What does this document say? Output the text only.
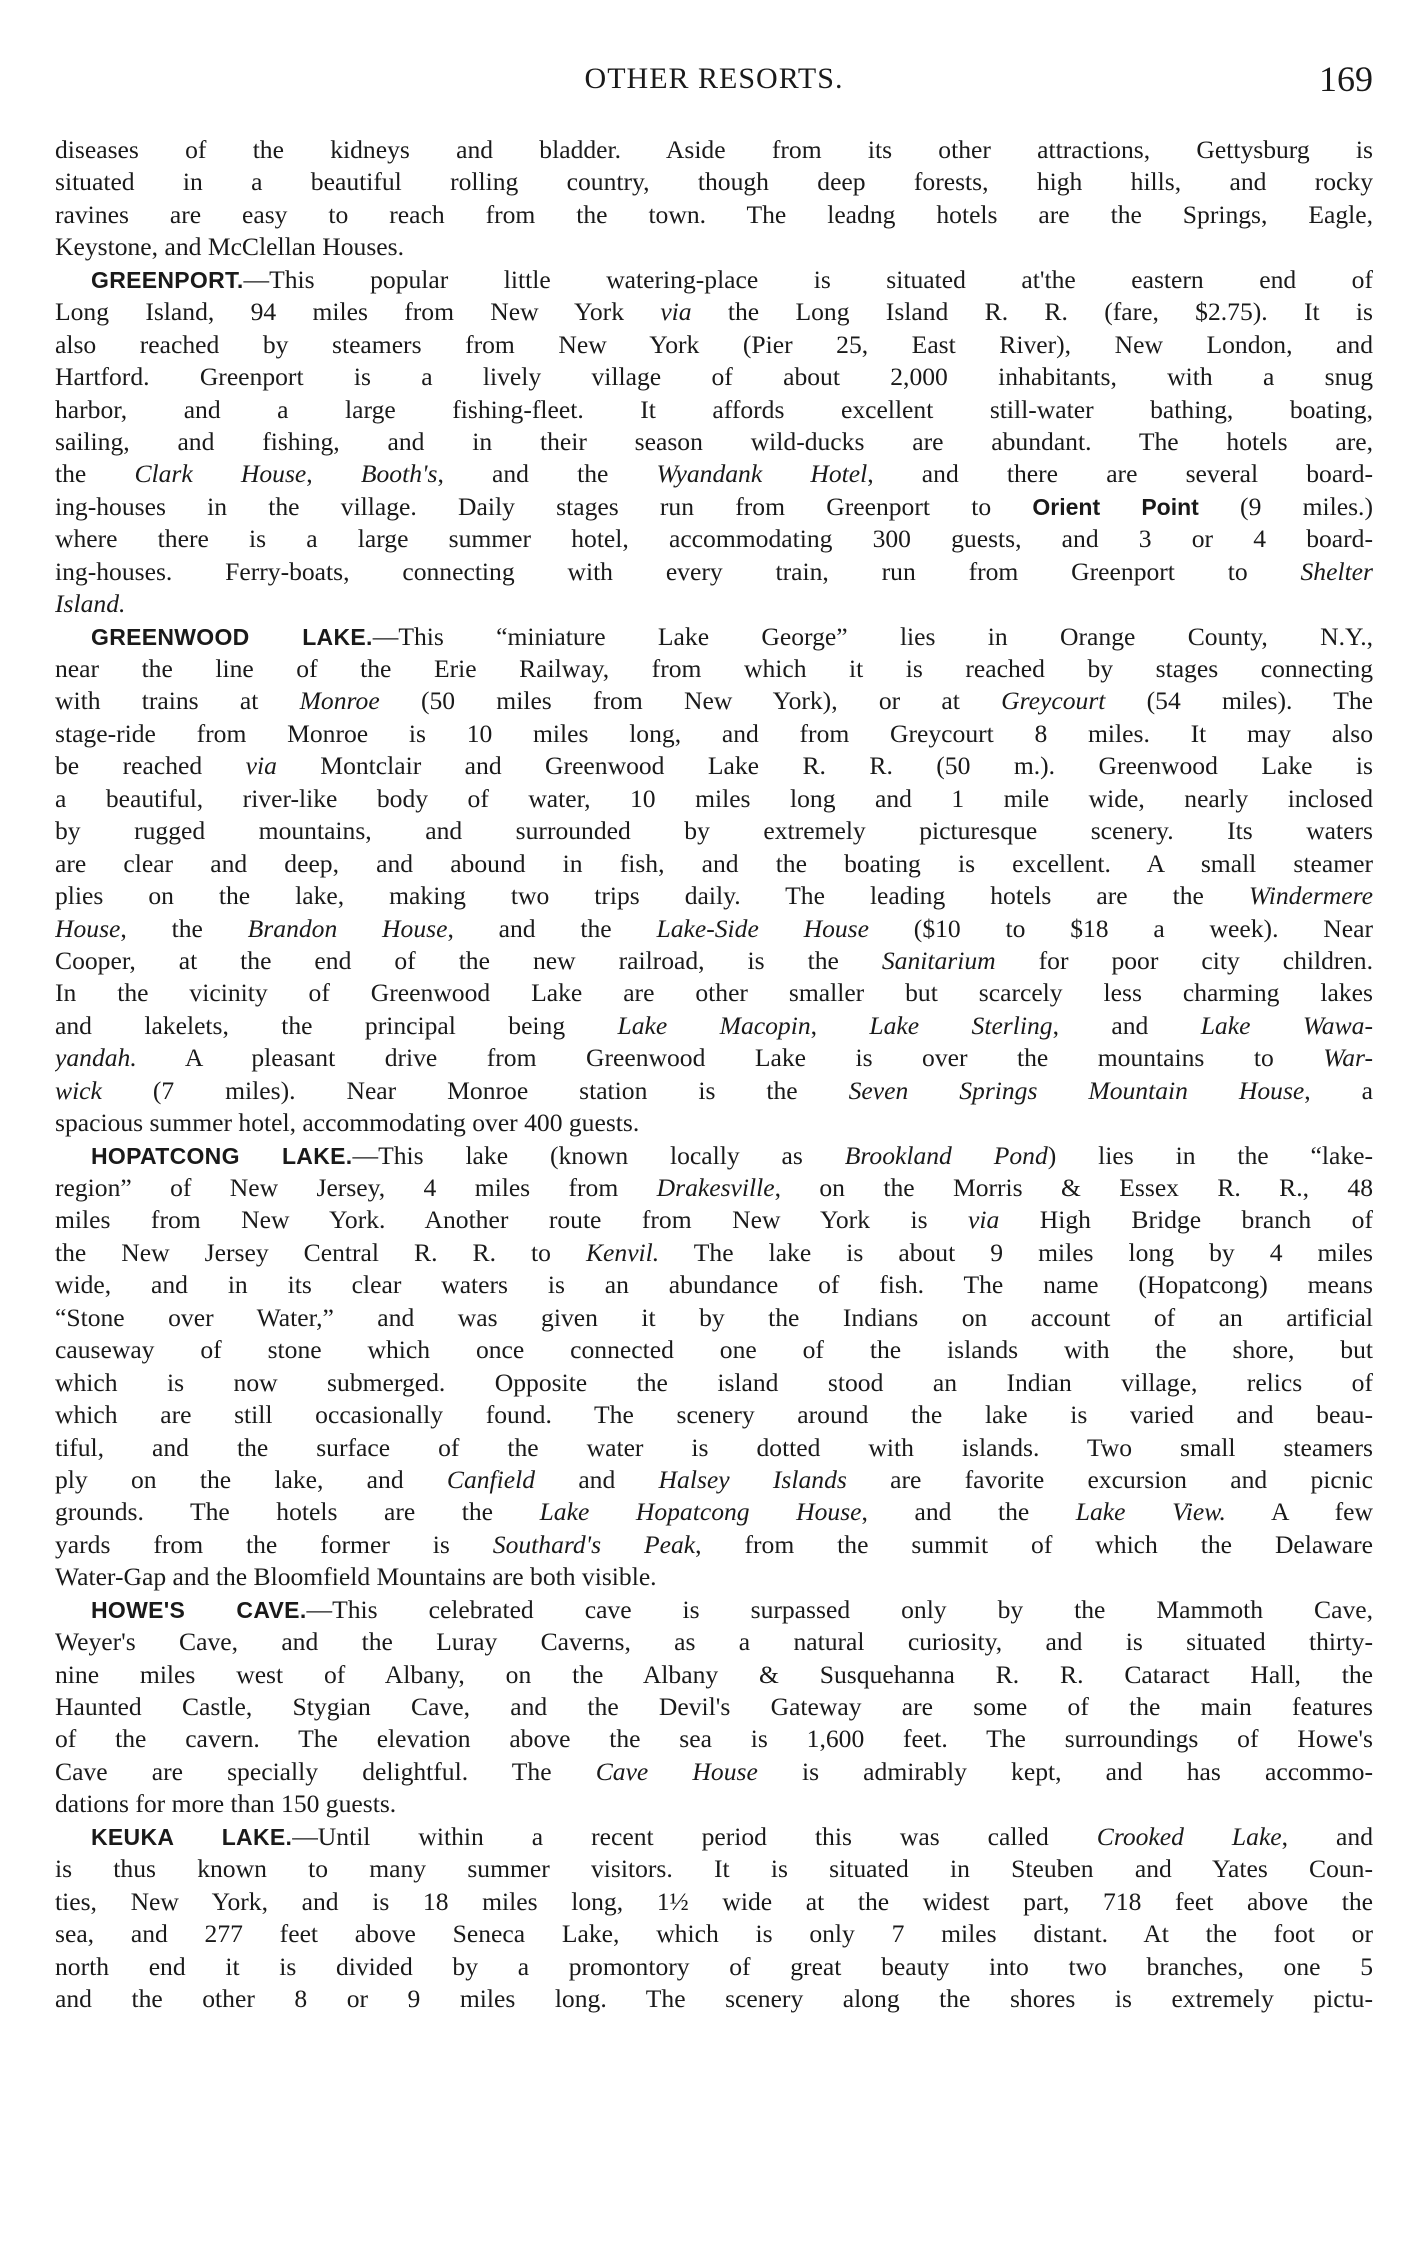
OTHER RESORTS.	169
diseases of the kidneys and bladder. Aside from its other attractions, Gettysburg is
situated in a beautiful rolling country, though deep forests, high hills, and rocky
ravines are easy to reach from the town. The leadng hotels are the Springs, Eagle,
Keystone, and McClellan Houses.
GREENPORT.—This popular little watering-place is situated at'the eastern end of
Long Island, 94 miles from New York via the Long Island R. R. (fare, $2.75). It is
also reached by steamers from New York (Pier 25, East River), New London, and
Hartford. Greenport is a lively village of about 2,000 inhabitants, with a snug
harbor, and a large fishing-fleet. It affords excellent still-water bathing, boating,
sailing, and fishing, and in their season wild-ducks are abundant. The hotels are,
the Clark House, Booth's, and the Wyandank Hotel, and there are several board-
ing-houses in the village. Daily stages run from Greenport to Orient Point (9 miles.)
where there is a large summer hotel, accommodating 300 guests, and 3 or 4 board-
ing-houses. Ferry-boats, connecting with every train, run from Greenport to Shelter
Island.
GREENWOOD LAKE.—This “miniature Lake George” lies in Orange County, N.Y.,
near the line of the Erie Railway, from which it is reached by stages connecting
with trains at Monroe (50 miles from New York), or at Greycourt (54 miles). The
stage-ride from Monroe is 10 miles long, and from Greycourt 8 miles. It may also
be reached via Montclair and Greenwood Lake R. R. (50 m.). Greenwood Lake is
a beautiful, river-like body of water, 10 miles long and 1 mile wide, nearly inclosed
by rugged mountains, and surrounded by extremely picturesque scenery. Its waters
are clear and deep, and abound in fish, and the boating is excellent. A small steamer
plies on the lake, making two trips daily. The leading hotels are the Windermere
House, the Brandon House, and the Lake-Side House ($10 to $18 a week). Near
Cooper, at the end of the new railroad, is the Sanitarium for poor city children.
In the vicinity of Greenwood Lake are other smaller but scarcely less charming lakes
and lakelets, the principal being Lake Macopin, Lake Sterling, and Lake Wawa-
yandah. A pleasant drive from Greenwood Lake is over the mountains to War-
wick (7 miles). Near Monroe station is the Seven Springs Mountain House, a
spacious summer hotel, accommodating over 400 guests.
HOPATCONG LAKE.—This lake (known locally as Brookland Pond) lies in the “lake-
region” of New Jersey, 4 miles from Drakesville, on the Morris & Essex R. R., 48
miles from New York. Another route from New York is via High Bridge branch of
the New Jersey Central R. R. to Kenvil. The lake is about 9 miles long by 4 miles
wide, and in its clear waters is an abundance of fish. The name (Hopatcong) means
“Stone over Water,” and was given it by the Indians on account of an artificial
causeway of stone which once connected one of the islands with the shore, but
which is now submerged. Opposite the island stood an Indian village, relics of
which are still occasionally found. The scenery around the lake is varied and beau-
tiful, and the surface of the water is dotted with islands. Two small steamers
ply on the lake, and Canfield and Halsey Islands are favorite excursion and picnic
grounds. The hotels are the Lake Hopatcong House, and the Lake View. A few
yards from the former is Southard's Peak, from the summit of which the Delaware
Water-Gap and the Bloomfield Mountains are both visible.
HOWE'S CAVE.—This celebrated cave is surpassed only by the Mammoth Cave,
Weyer's Cave, and the Luray Caverns, as a natural curiosity, and is situated thirty-
nine miles west of Albany, on the Albany & Susquehanna R. R. Cataract Hall, the
Haunted Castle, Stygian Cave, and the Devil's Gateway are some of the main features
of the cavern. The elevation above the sea is 1,600 feet. The surroundings of Howe's
Cave are specially delightful. The Cave House is admirably kept, and has accommo-
dations for more than 150 guests.
KEUKA LAKE.—Until within a recent period this was called Crooked Lake, and
is thus known to many summer visitors. It is situated in Steuben and Yates Coun-
ties, New York, and is 18 miles long, 1½ wide at the widest part, 718 feet above the
sea, and 277 feet above Seneca Lake, which is only 7 miles distant. At the foot or
north end it is divided by a promontory of great beauty into two branches, one 5
and the other 8 or 9 miles long. The scenery along the shores is extremely pictu-
